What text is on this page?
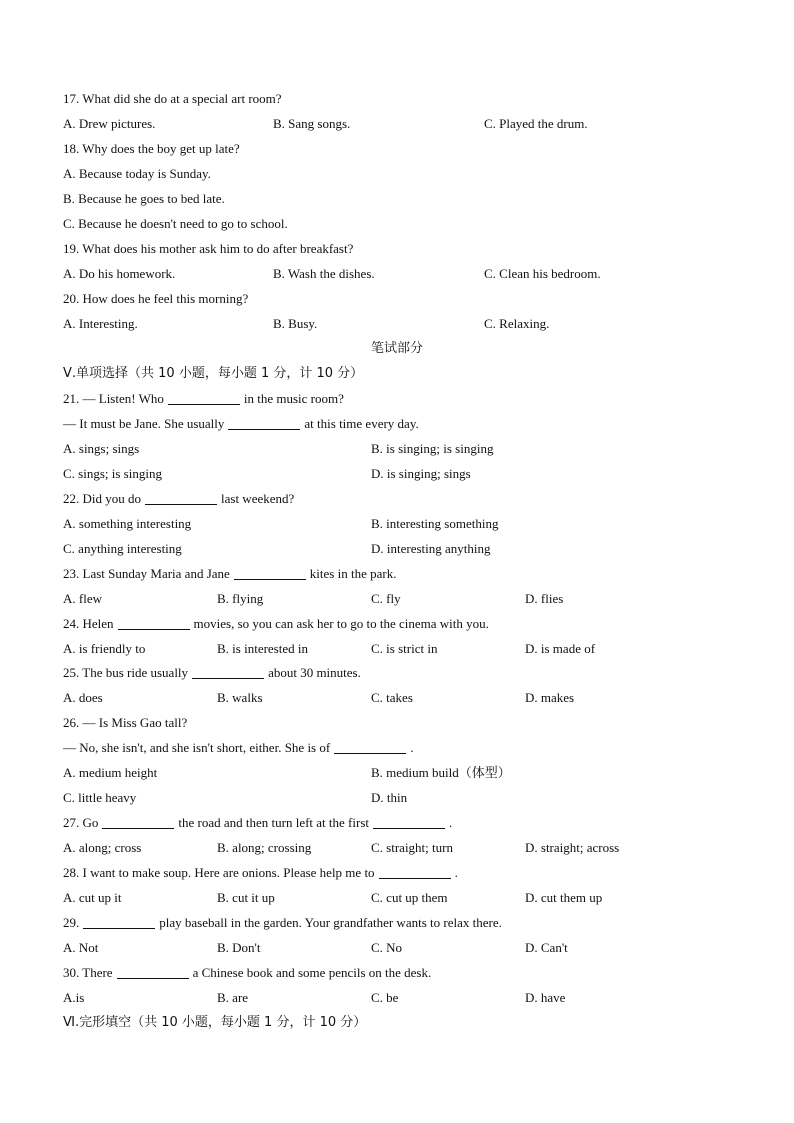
17. What did she do at a special art room?
A. Drew pictures.	B. Sang songs.	C. Played the drum.
18. Why does the boy get up late?
A. Because today is Sunday.
B. Because he goes to bed late.
C. Because he doesn't need to go to school.
19. What does his mother ask him to do after breakfast?
A. Do his homework.	B. Wash the dishes.	C. Clean his bedroom.
20. How does he feel this morning?
A. Interesting.	B. Busy.	C. Relaxing.
笔试部分
Ⅴ.单项选择（共 10 小题，每小题 1 分，计 10 分）
21. — Listen! Who	in the music room?
— It must be Jane. She usually	at this time every day.
A. sings; sings	B. is singing; is singing
C. sings; is singing	D. is singing; sings
22. Did you do	last weekend?
A. something interesting	B. interesting something
C. anything interesting	D. interesting anything
23. Last Sunday Maria and Jane	kites in the park.
A. flew	B. flying	C. fly	D. flies
24. Helen	movies, so you can ask her to go to the cinema with you.
A. is friendly to	B. is interested in	C. is strict in	D. is made of
25. The bus ride usually	about 30 minutes.
A. does	B. walks	C. takes	D. makes
26. — Is Miss Gao tall?
— No, she isn't, and she isn't short, either. She is of	.
A. medium height	B. medium build（体型）
C. little heavy	D. thin
27. Go	the road and then turn left at the first	.
A. along; cross	B. along; crossing	C. straight; turn	D. straight; across
28. I want to make soup. Here are onions. Please help me to	.
A. cut up it	B. cut it up	C. cut up them	D. cut them up
29.	play baseball in the garden. Your grandfather wants to relax there.
A. Not	B. Don't	C. No	D. Can't
30. There	a Chinese book and some pencils on the desk.
A.is	B. are	C. be	D. have
Ⅵ.完形填空（共 10 小题，每小题 1 分，计 10 分）
